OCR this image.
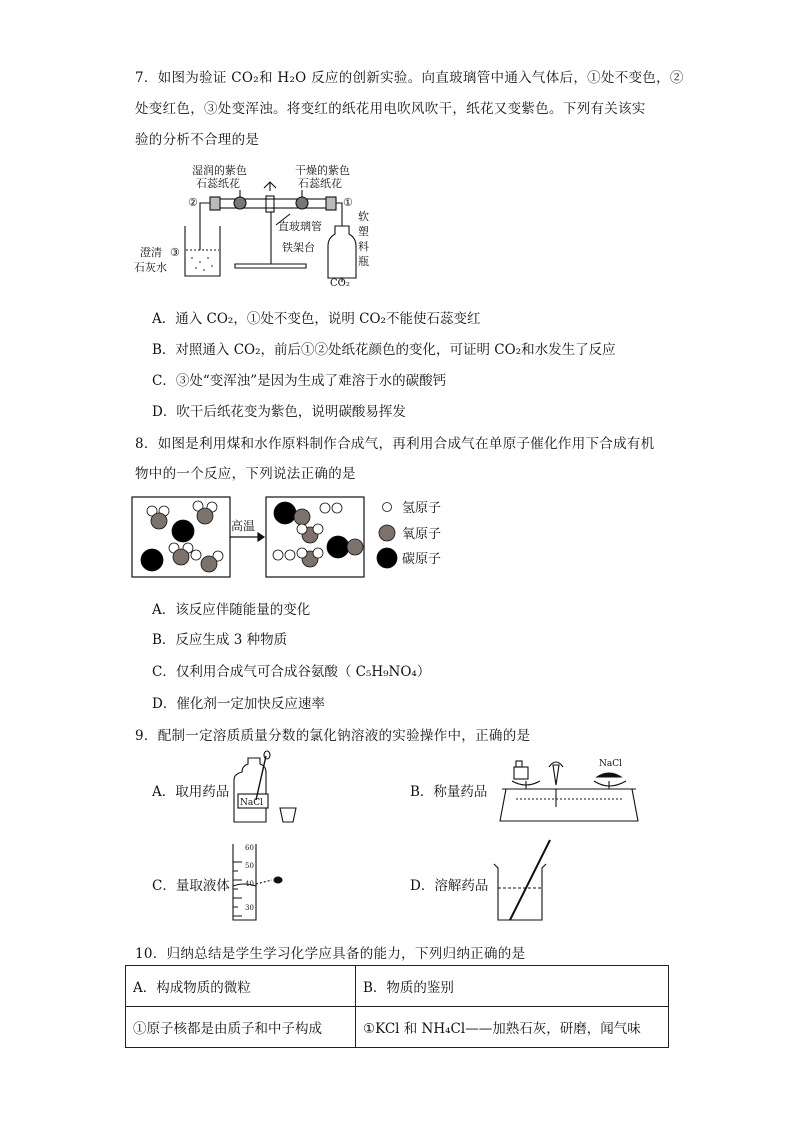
7．如图为验证 CO₂和 H₂O 反应的创新实验。向直玻璃管中通入气体后，①处不变色，②
处变红色，③处变浑浊。将变红的纸花用电吹风吹干，纸花又变紫色。下列有关该实
验的分析不合理的是
湿润的紫色
石蕊纸花
干燥的紫色
石蕊纸花
②	①
③
直玻璃管
铁架台
澄清
石灰水
软
塑
料
瓶
CO₂
A．通入 CO₂，①处不变色，说明 CO₂不能使石蕊变红
B．对照通入 CO₂，前后①②处纸花颜色的变化，可证明 CO₂和水发生了反应
C．③处“变浑浊”是因为生成了难溶于水的碳酸钙
D．吹干后纸花变为紫色，说明碳酸易挥发
8．如图是利用煤和水作原料制作合成气，再利用合成气在单原子催化作用下合成有机
物中的一个反应，下列说法正确的是
高温
氢原子
氧原子
碳原子
A．该反应伴随能量的变化
B．反应生成 3 种物质
C．仅利用合成气可合成谷氨酸（ C₅H₉NO₄）
D．催化剂一定加快反应速率
9．配制一定溶质质量分数的氯化钠溶液的实验操作中，正确的是
A．取用药品
NaCl
B．称量药品
NaCl
C．量取液体
60
50
40
30
D．溶解药品
10．归纳总结是学生学习化学应具备的能力，下列归纳正确的是
A．构成物质的微粒	B．物质的鉴别
①原子核都是由质子和中子构成	①KCl 和 NH₄Cl——加熟石灰，研磨，闻气味
